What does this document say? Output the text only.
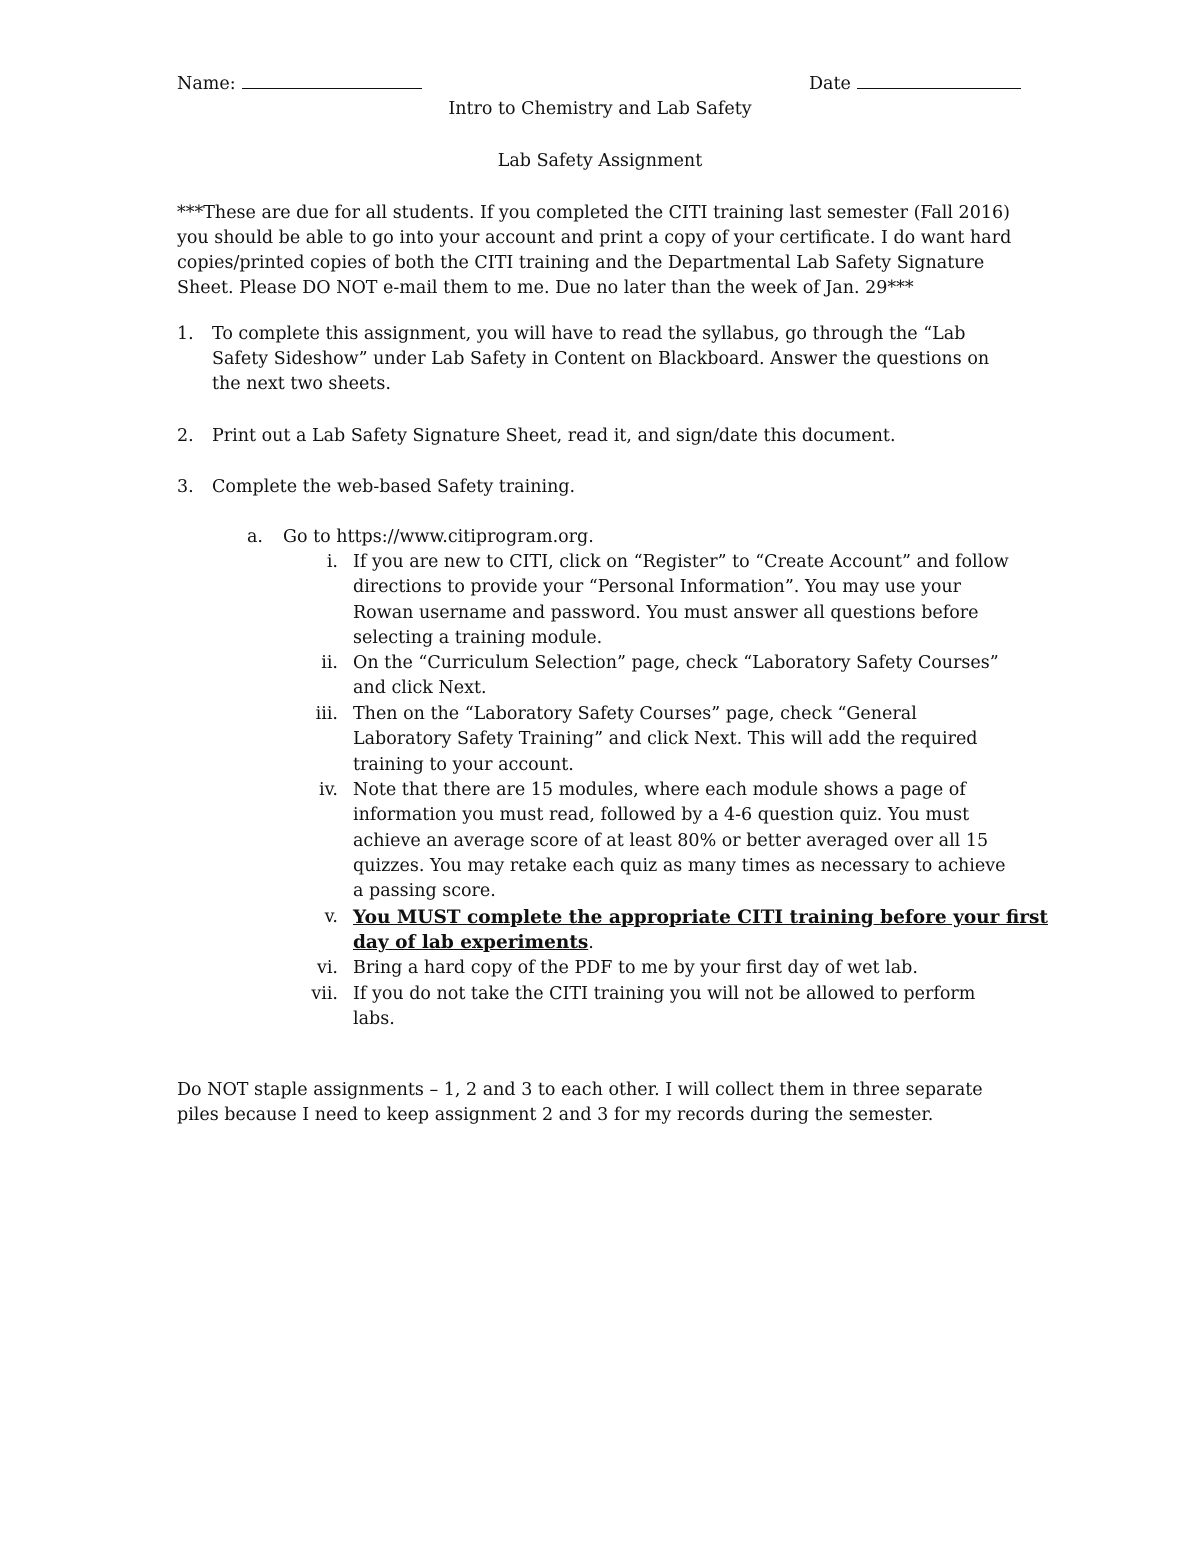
Name:	Date
Intro to Chemistry and Lab Safety
Lab Safety Assignment
***These are due for all students. If you completed the CITI training last semester (Fall 2016)
you should be able to go into your account and print a copy of your certificate. I do want hard
copies/printed copies of both the CITI training and the Departmental Lab Safety Signature
Sheet. Please DO NOT e-mail them to me. Due no later than the week of Jan. 29***
1. To complete this assignment, you will have to read the syllabus, go through the “Lab
Safety Sideshow” under Lab Safety in Content on Blackboard. Answer the questions on
the next two sheets.
2. Print out a Lab Safety Signature Sheet, read it, and sign/date this document.
3. Complete the web-based Safety training.
a. Go to https://www.citiprogram.org.
i. If you are new to CITI, click on “Register” to “Create Account” and follow
directions to provide your “Personal Information”. You may use your
Rowan username and password. You must answer all questions before
selecting a training module.
ii. On the “Curriculum Selection” page, check “Laboratory Safety Courses”
and click Next.
iii. Then on the “Laboratory Safety Courses” page, check “General
Laboratory Safety Training” and click Next. This will add the required
training to your account.
iv. Note that there are 15 modules, where each module shows a page of
information you must read, followed by a 4-6 question quiz. You must
achieve an average score of at least 80% or better averaged over all 15
quizzes. You may retake each quiz as many times as necessary to achieve
a passing score.
v. You MUST complete the appropriate CITI training before your first
day of lab experiments.
vi. Bring a hard copy of the PDF to me by your first day of wet lab.
vii. If you do not take the CITI training you will not be allowed to perform
labs.
Do NOT staple assignments – 1, 2 and 3 to each other. I will collect them in three separate
piles because I need to keep assignment 2 and 3 for my records during the semester.
